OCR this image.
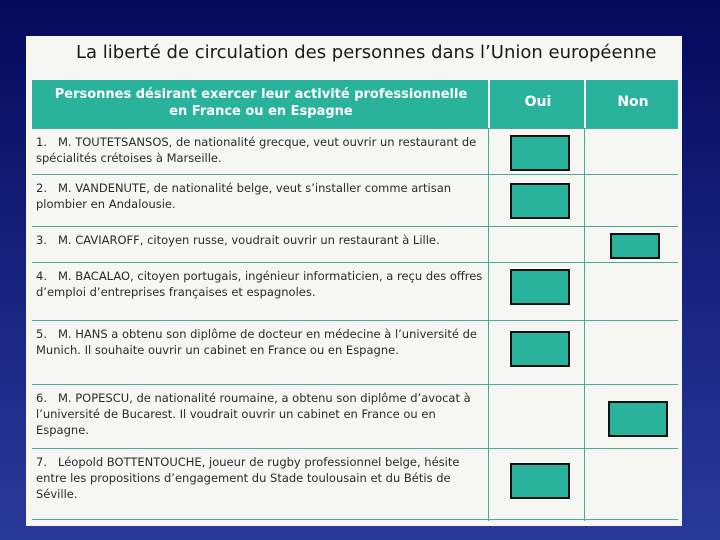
La liberté de circulation des personnes dans l’Union européenne
Personnes désirant exercer leur activité professionnelle
en France ou en Espagne
Oui	Non
1. M. TOUTETSANSOS, de nationalité grecque, veut ouvrir un restaurant de spécialités crétoises à Marseille.
2. M. VANDENUTE, de nationalité belge, veut s’installer comme artisan plombier en Andalousie.
3. M. CAVIAROFF, citoyen russe, voudrait ouvrir un restaurant à Lille.
4. M. BACALAO, citoyen portugais, ingénieur informaticien, a reçu des offres d’emploi d’entreprises françaises et espagnoles.
5. M. HANS a obtenu son diplôme de docteur en médecine à l’université de Munich. Il souhaite ouvrir un cabinet en France ou en Espagne.
6. M. POPESCU, de nationalité roumaine, a obtenu son diplôme d’avocat à l’université de Bucarest. Il voudrait ouvrir un cabinet en France ou en Espagne.
7. Léopold BOTTENTOUCHE, joueur de rugby professionnel belge, hésite entre les propositions d’engagement du Stade toulousain et du Bétis de Séville.
